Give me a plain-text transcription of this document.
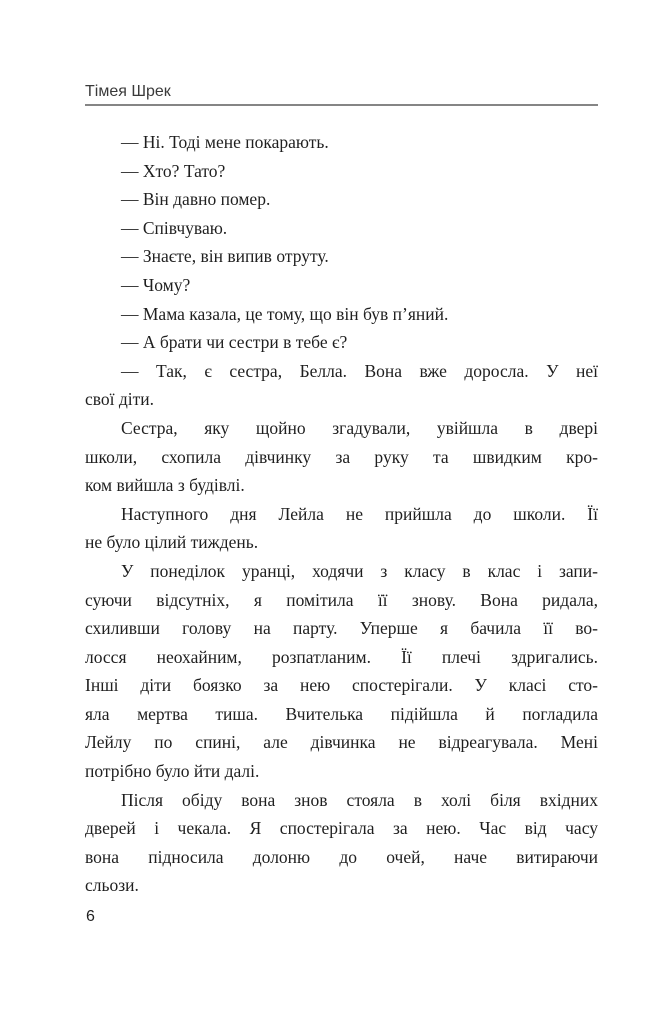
Тімея Шрек
— Ні. Тоді мене покарають.
— Хто? Тато?
— Він давно помер.
— Співчуваю.
— Знаєте, він випив отруту.
— Чому?
— Мама казала, це тому, що він був п’яний.
— А брати чи сестри в тебе є?
— Так, є сестра, Белла. Вона вже доросла. У неї
свої діти.
Сестра, яку щойно згадували, увійшла в двері
школи, схопила дівчинку за руку та швидким кро-
ком вийшла з будівлі.
Наступного дня Лейла не прийшла до школи. Її
не було цілий тиждень.
У понеділок уранці, ходячи з класу в клас і запи-
суючи відсутніх, я помітила її знову. Вона ридала,
схиливши голову на парту. Уперше я бачила її во-
лосся неохайним, розпатланим. Її плечі здригались.
Інші діти боязко за нею спостерігали. У класі сто-
яла мертва тиша. Вчителька підійшла й погладила
Лейлу по спині, але дівчинка не відреагувала. Мені
потрібно було йти далі.
Після обіду вона знов стояла в холі біля вхідних
дверей і чекала. Я спостерігала за нею. Час від часу
вона підносила долоню до очей, наче витираючи
сльози.
6
